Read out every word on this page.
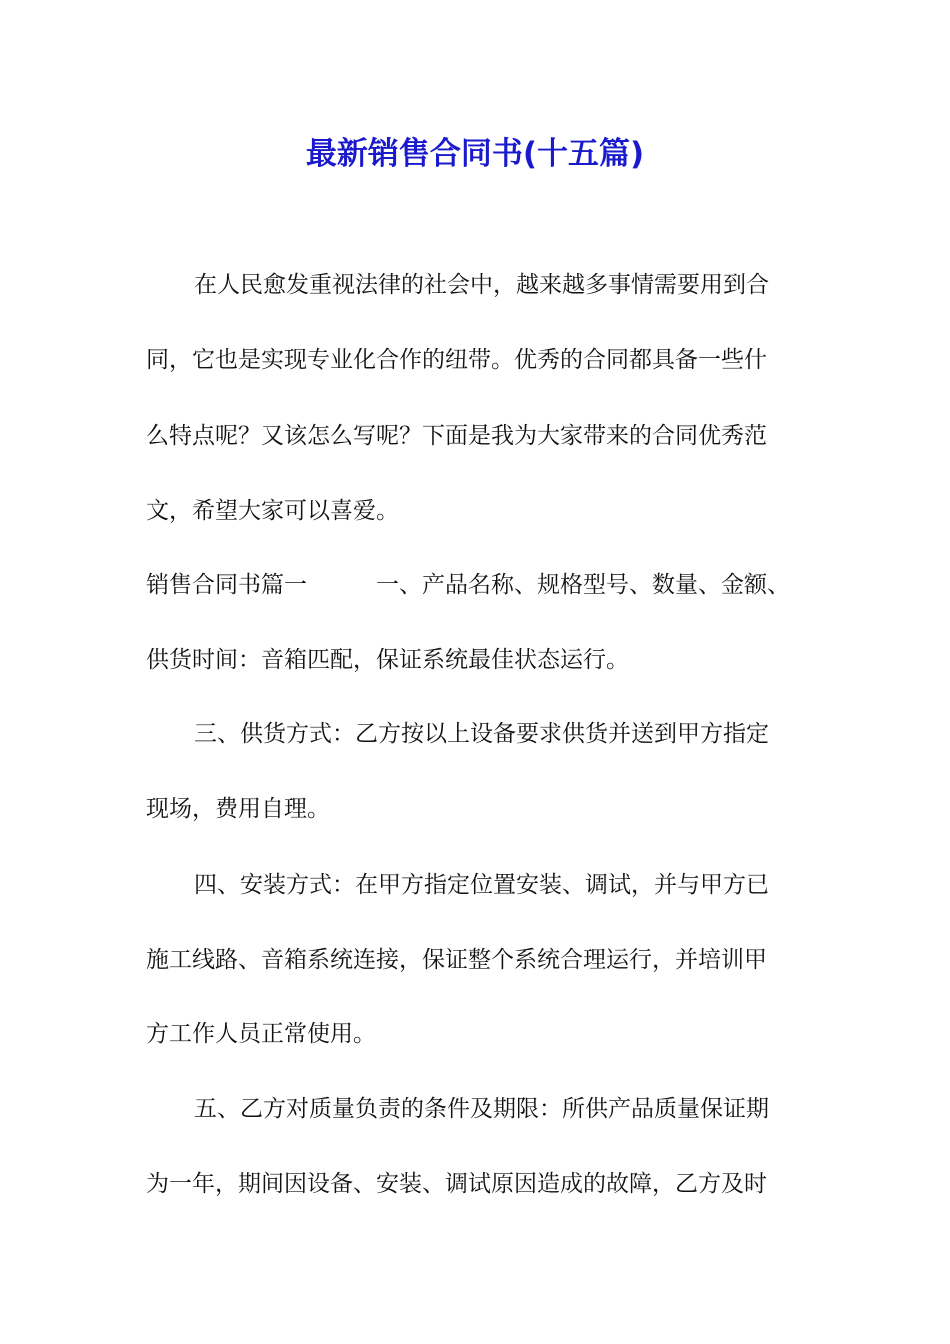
最新销售合同书(十五篇)
在人民愈发重视法律的社会中，越来越多事情需要用到合
同，它也是实现专业化合作的纽带。优秀的合同都具备一些什
么特点呢？又该怎么写呢？下面是我为大家带来的合同优秀范
文，希望大家可以喜爱。
销售合同书篇一　　　一、产品名称、规格型号、数量、金额、
供货时间：音箱匹配，保证系统最佳状态运行。
三、供货方式：乙方按以上设备要求供货并送到甲方指定
现场，费用自理。
四、安装方式：在甲方指定位置安装、调试，并与甲方已
施工线路、音箱系统连接，保证整个系统合理运行，并培训甲
方工作人员正常使用。
五、乙方对质量负责的条件及期限：所供产品质量保证期
为一年，期间因设备、安装、调试原因造成的故障，乙方及时
